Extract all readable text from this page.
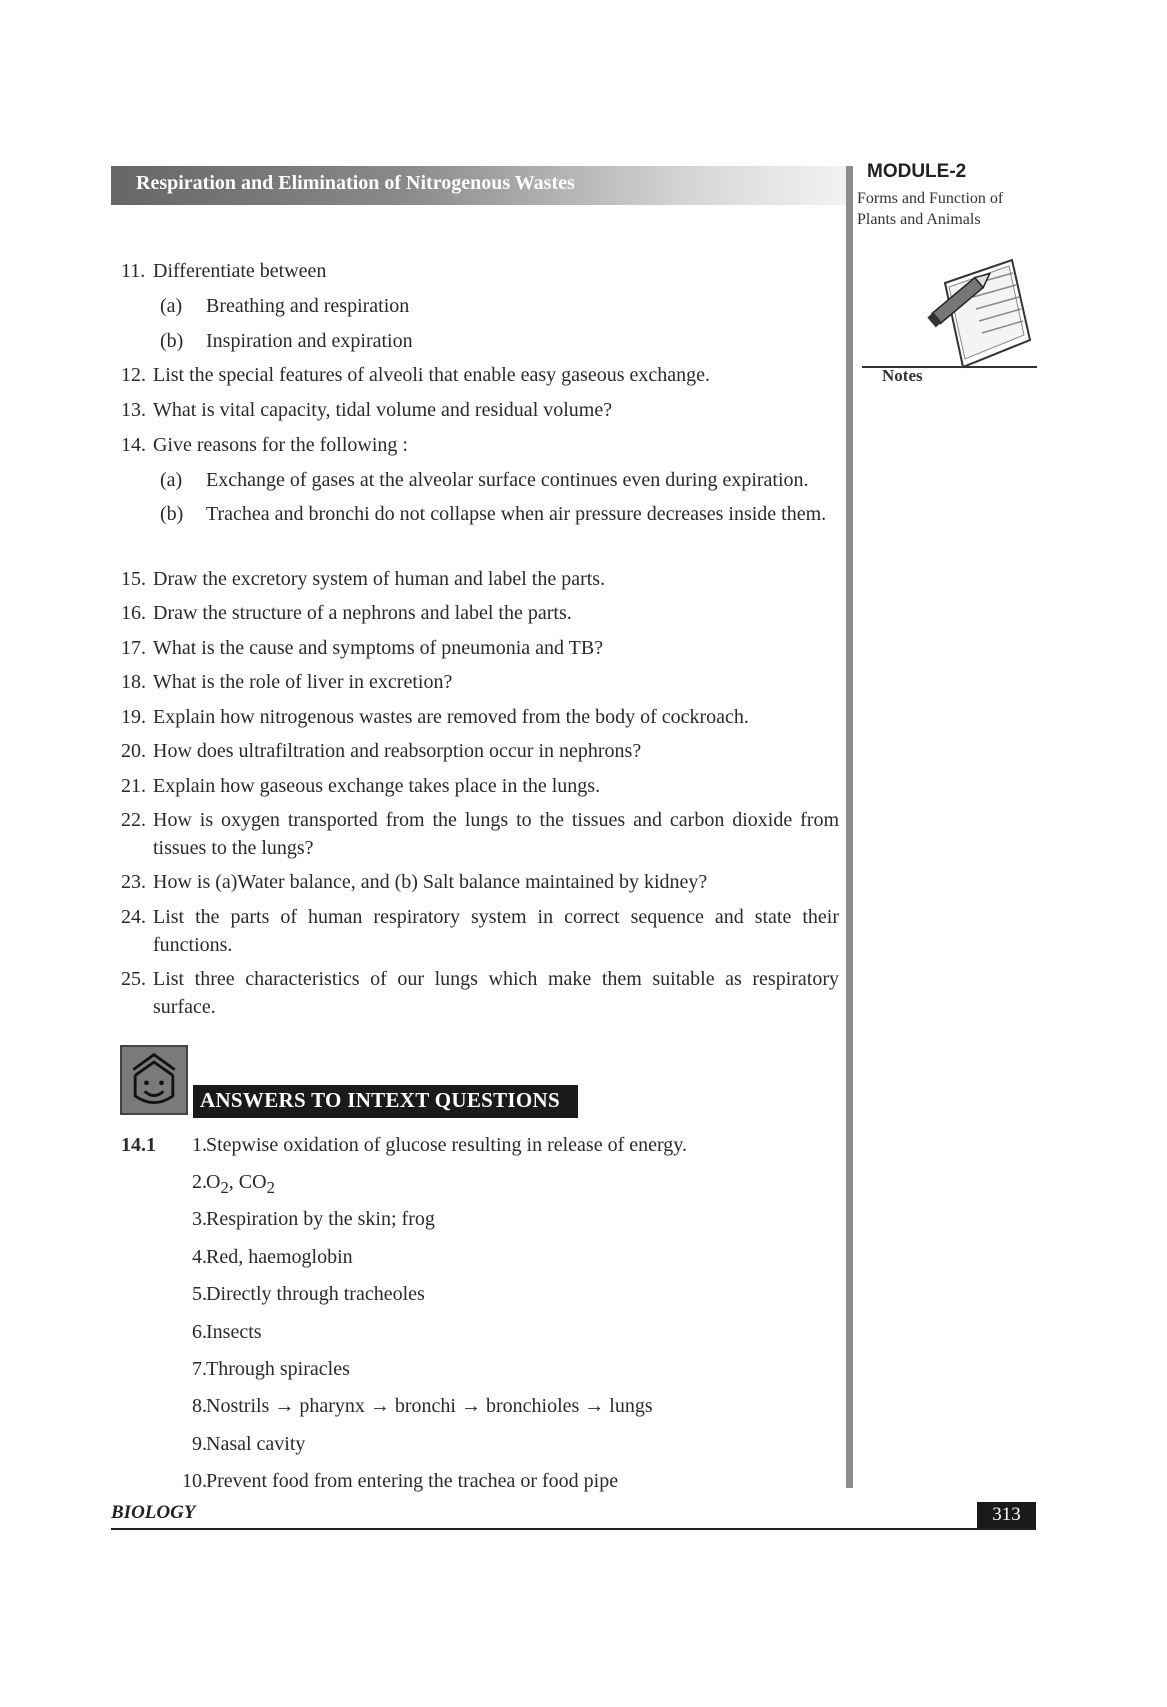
Respiration and Elimination of Nitrogenous Wastes
MODULE-2
Forms and Function of Plants and Animals
Notes
11. Differentiate between
(a) Breathing and respiration
(b) Inspiration and expiration
12. List the special features of alveoli that enable easy gaseous exchange.
13. What is vital capacity, tidal volume and residual volume?
14. Give reasons for the following :
(a) Exchange of gases at the alveolar surface continues even during expiration.
(b) Trachea and bronchi do not collapse when air pressure decreases inside them.
15. Draw the excretory system of human and label the parts.
16. Draw the structure of a nephrons and label the parts.
17. What is the cause and symptoms of pneumonia and TB?
18. What is the role of liver in excretion?
19. Explain how nitrogenous wastes are removed from the body of cockroach.
20. How does ultrafiltration and reabsorption occur in nephrons?
21. Explain how gaseous exchange takes place in the lungs.
22. How is oxygen transported from the lungs to the tissues and carbon dioxide from tissues to the lungs?
23. How is (a)Water balance, and (b) Salt balance maintained by kidney?
24. List the parts of human respiratory system in correct sequence and state their functions.
25. List three characteristics of our lungs which make them suitable as respiratory surface.
ANSWERS TO INTEXT QUESTIONS
14.1	1. Stepwise oxidation of glucose resulting in release of energy.
2. $O_2$, $CO_2$
3. Respiration by the skin; frog
4. Red, haemoglobin
5. Directly through tracheoles
6. Insects
7. Through spiracles
8. Nostrils → pharynx → bronchi → bronchioles → lungs
9. Nasal cavity
10. Prevent food from entering the trachea or food pipe
BIOLOGY	313
